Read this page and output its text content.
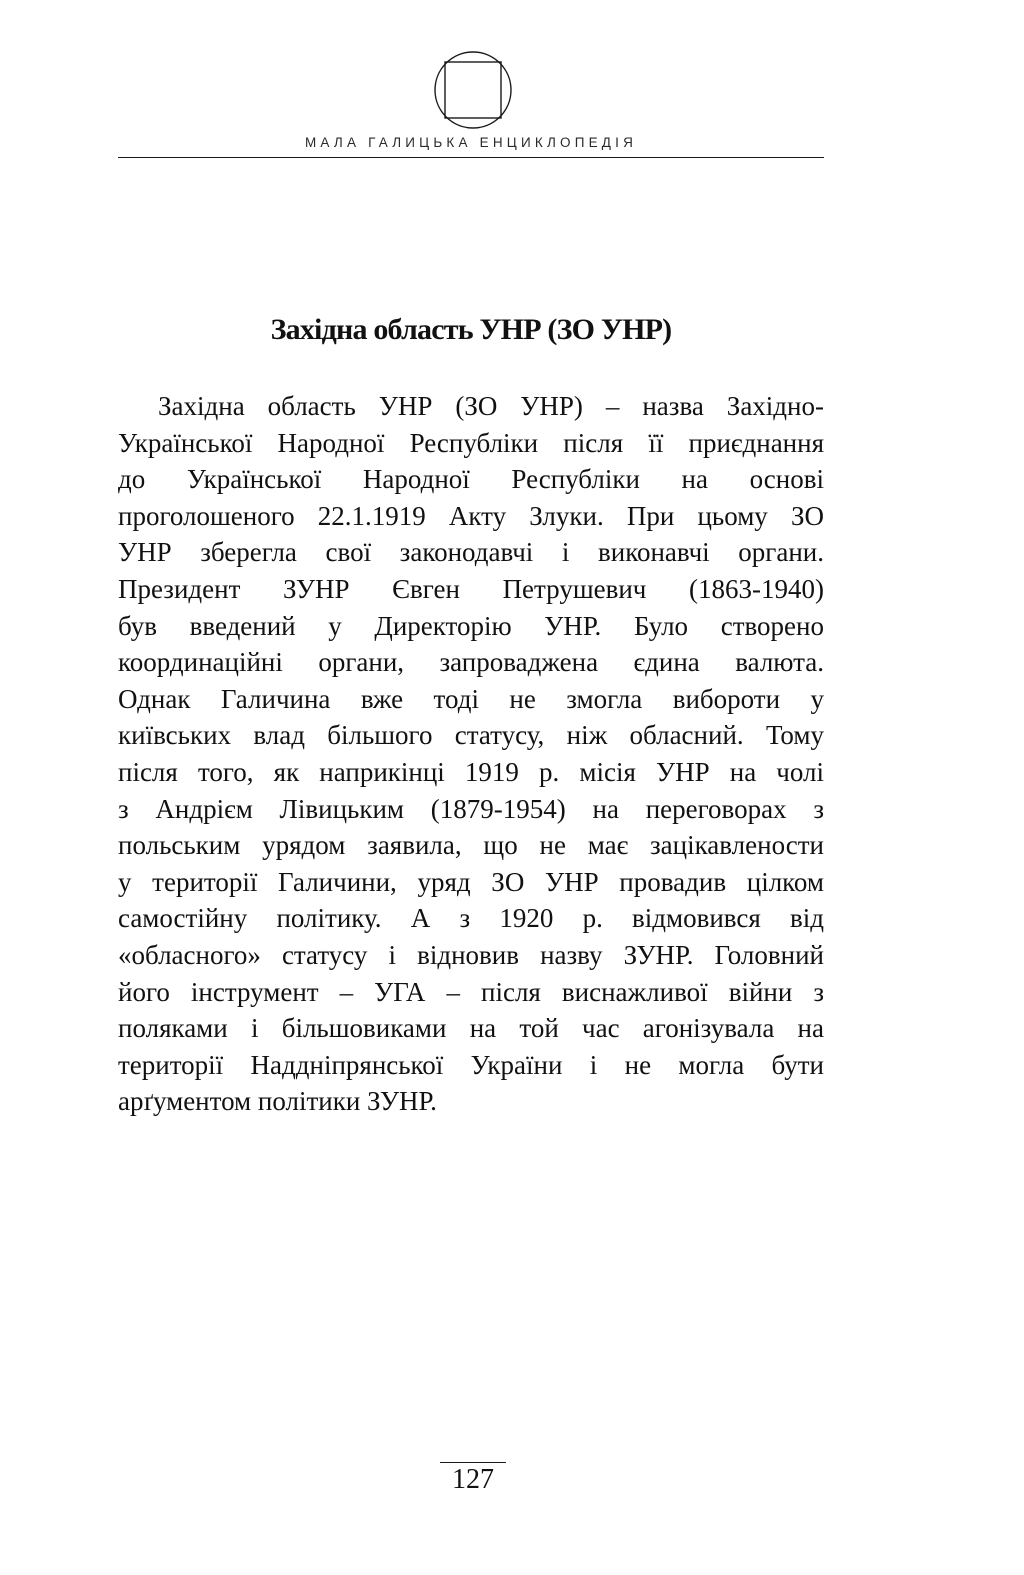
МАЛА ГАЛИЦЬКА ЕНЦИКЛОПЕДІЯ
Західна область УНР (ЗО УНР)
Західна область УНР (ЗО УНР) – назва Західно-
Української Народної Республіки після її приєднання
до Української Народної Республіки на основі
проголошеного 22.1.1919 Акту Злуки. При цьому ЗО
УНР зберегла свої законодавчі і виконавчі органи.
Президент ЗУНР Євген Петрушевич (1863-1940)
був введений у Директорію УНР. Було створено
координаційні органи, запроваджена єдина валюта.
Однак Галичина вже тоді не змогла вибороти у
київських влад більшого статусу, ніж обласний. Тому
після того, як наприкінці 1919 р. місія УНР на чолі
з Андрієм Лівицьким (1879-1954) на переговорах з
польським урядом заявила, що не має зацікавлености
у території Галичини, уряд ЗО УНР провадив цілком
самостійну політику. А з 1920 р. відмовився від
«обласного» статусу і відновив назву ЗУНР. Головний
його інструмент – УГА – після виснажливої війни з
поляками і більшовиками на той час агонізувала на
території Наддніпрянської України і не могла бути
арґументом політики ЗУНР.
127
